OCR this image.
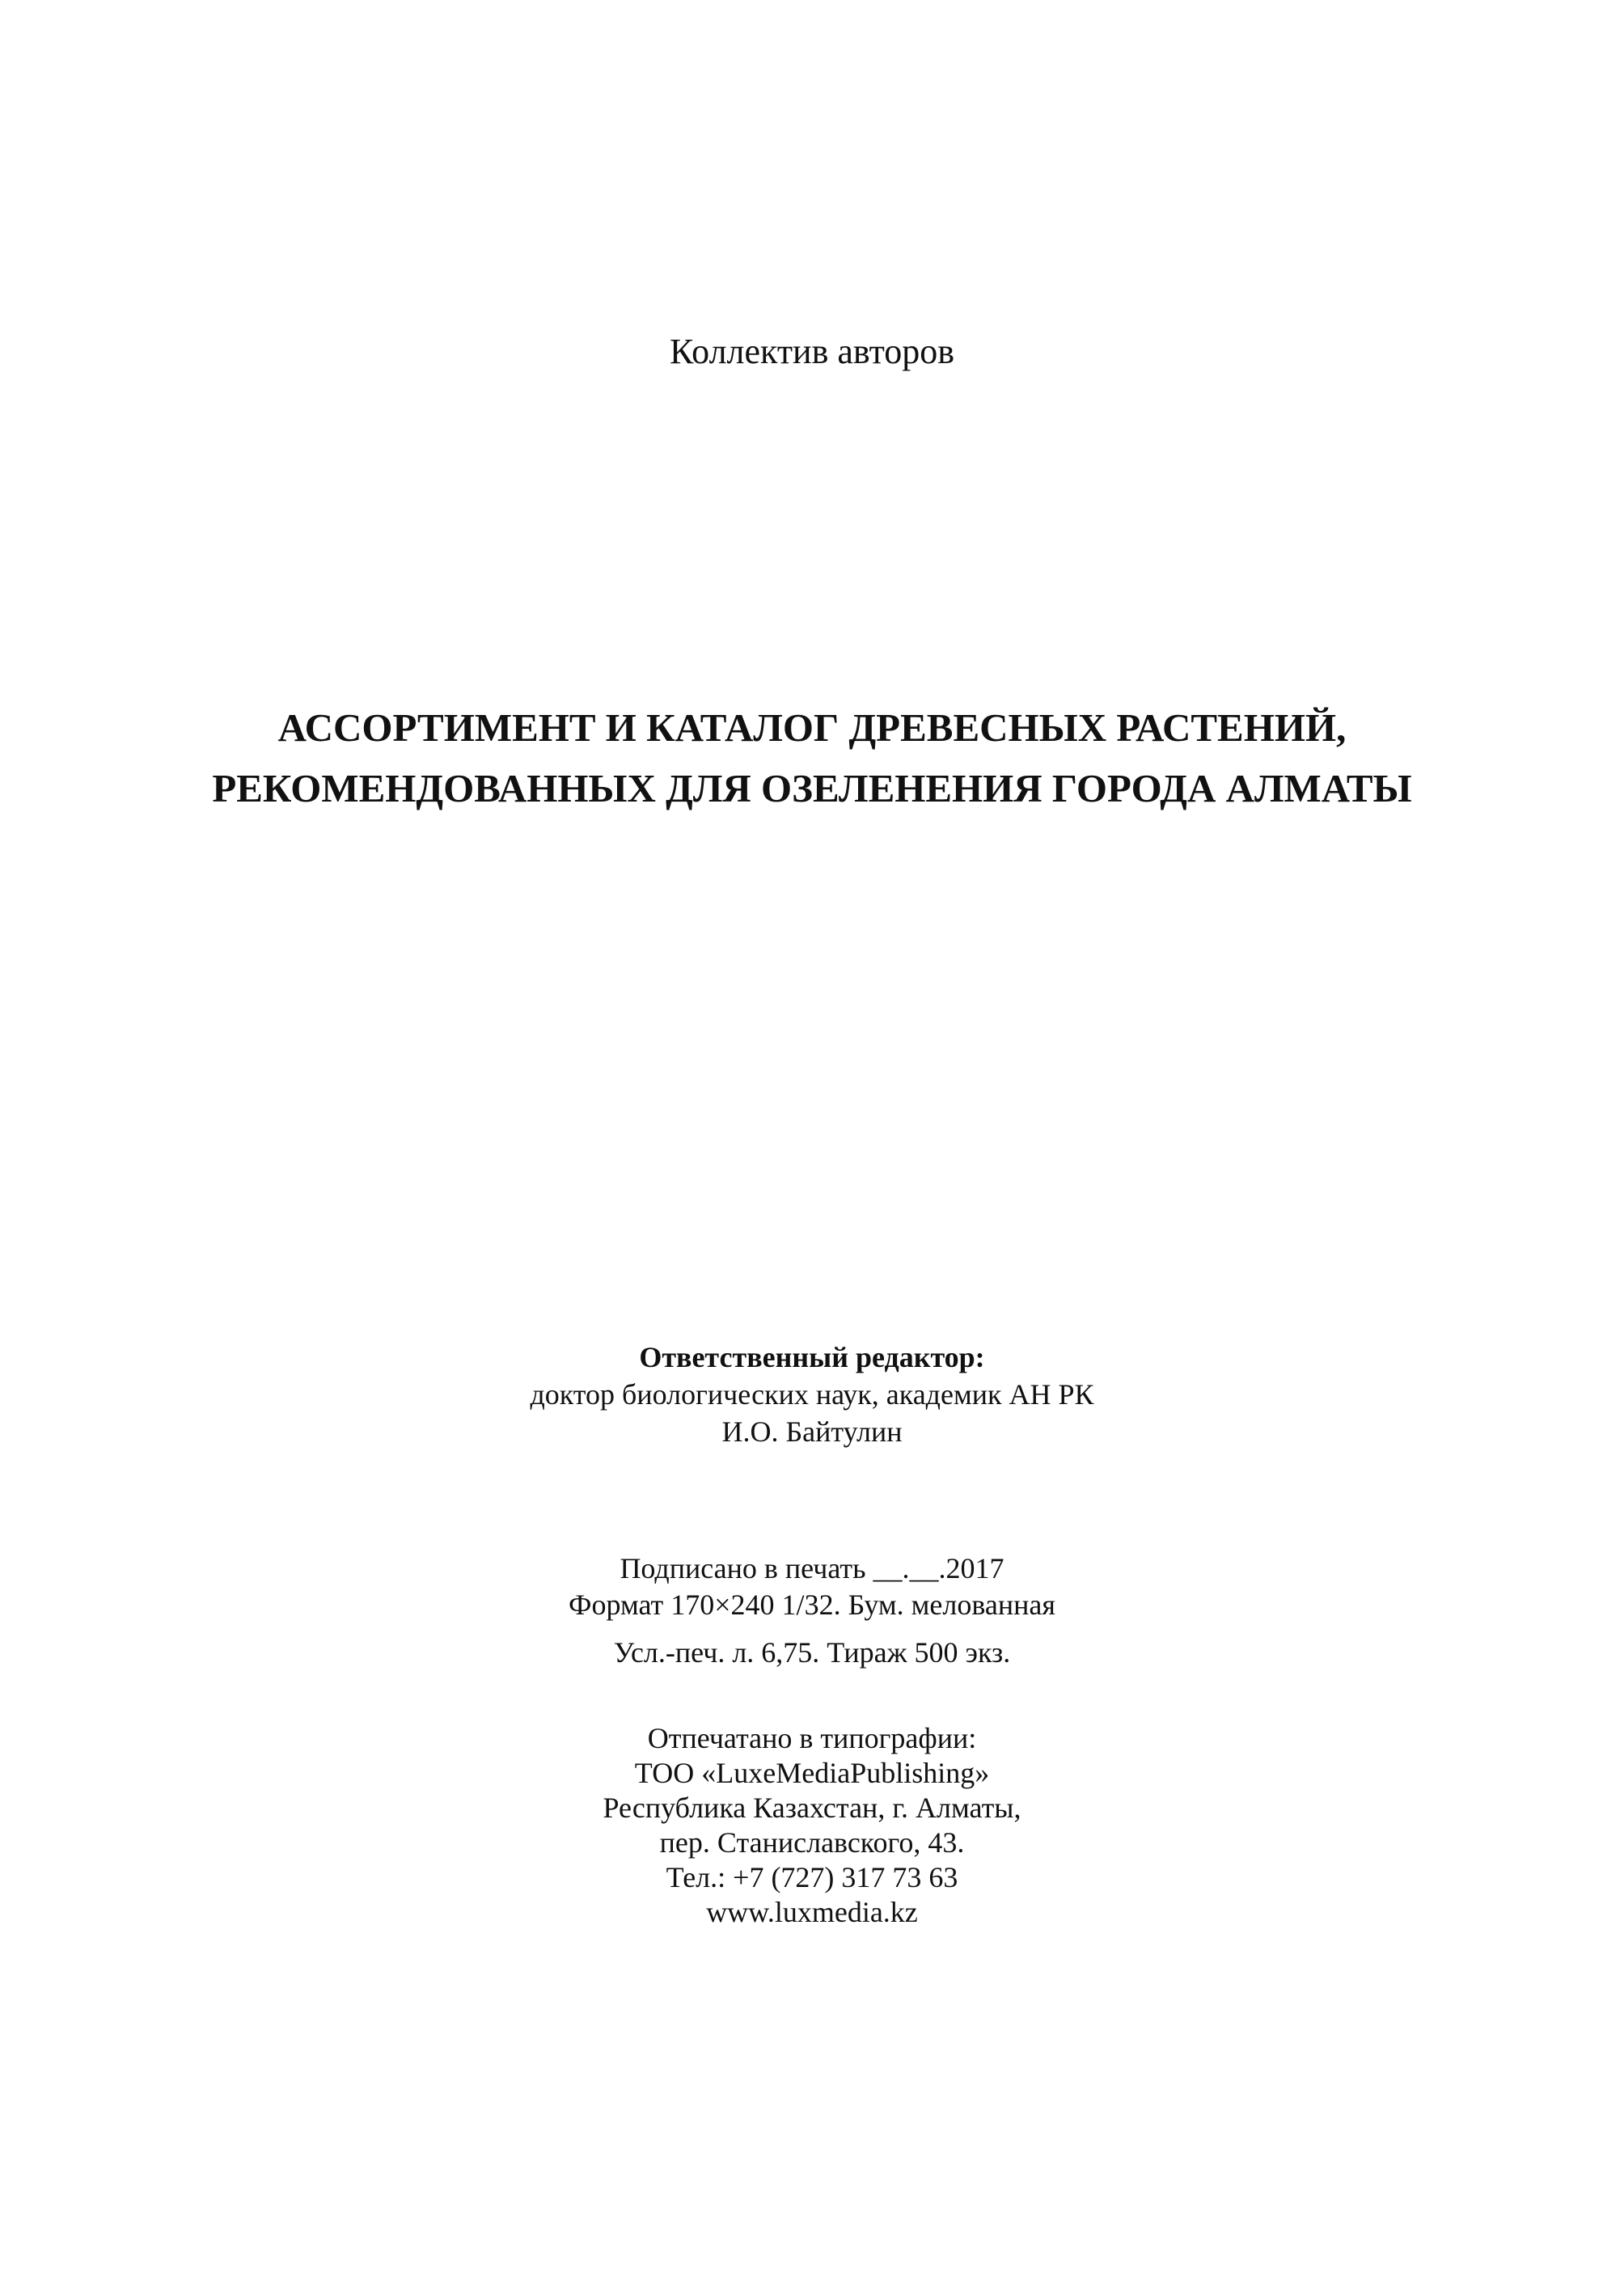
Коллектив авторов
АССОРТИМЕНТ И КАТАЛОГ ДРЕВЕСНЫХ РАСТЕНИЙ,
РЕКОМЕНДОВАННЫХ ДЛЯ ОЗЕЛЕНЕНИЯ ГОРОДА АЛМАТЫ
Ответственный редактор:
доктор биологических наук, академик АН РК
И.О. Байтулин
Подписано в печать __.__.2017
Формат 170×240 1/32. Бум. мелованная
Усл.-печ. л. 6,75. Тираж 500 экз.
Отпечатано в типографии:
ТОО «LuxeMediaPublishing»
Республика Казахстан, г. Алматы,
пер. Станиславского, 43.
Тел.: +7 (727) 317 73 63
www.luxmedia.kz
